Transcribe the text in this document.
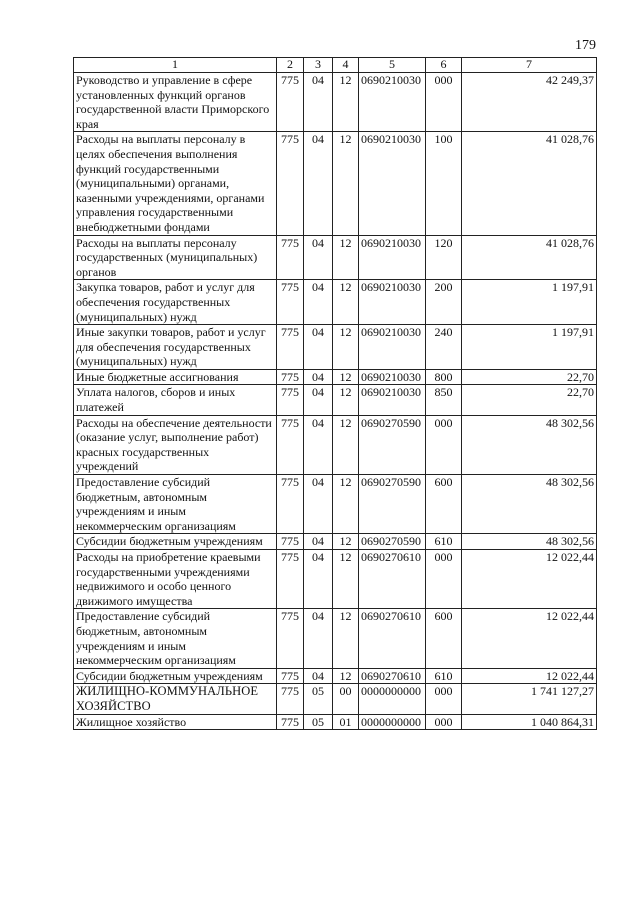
179
1	2	3	4	5	6	7
Руководство и управление в сфере установленных функций органов государственной власти Приморского края	775	04	12	0690210030	000	42 249,37
Расходы на выплаты персоналу в целях обеспечения выполнения функций государственными (муниципальными) органами, казенными учреждениями, органами управления государственными внебюджетными фондами	775	04	12	0690210030	100	41 028,76
Расходы на выплаты персоналу государственных (муниципальных) органов	775	04	12	0690210030	120	41 028,76
Закупка товаров, работ и услуг для обеспечения государственных (муниципальных) нужд	775	04	12	0690210030	200	1 197,91
Иные закупки товаров, работ и услуг для обеспечения государственных (муниципальных) нужд	775	04	12	0690210030	240	1 197,91
Иные бюджетные ассигнования	775	04	12	0690210030	800	22,70
Уплата налогов, сборов и иных платежей	775	04	12	0690210030	850	22,70
Расходы на обеспечение деятельности (оказание услуг, выполнение работ) красных государственных учреждений	775	04	12	0690270590	000	48 302,56
Предоставление субсидий бюджетным, автономным учреждениям и иным некоммерческим организациям	775	04	12	0690270590	600	48 302,56
Субсидии бюджетным учреждениям	775	04	12	0690270590	610	48 302,56
Расходы на приобретение краевыми государственными учреждениями недвижимого и особо ценного движимого имущества	775	04	12	0690270610	000	12 022,44
Предоставление субсидий бюджетным, автономным учреждениям и иным некоммерческим организациям	775	04	12	0690270610	600	12 022,44
Субсидии бюджетным учреждениям	775	04	12	0690270610	610	12 022,44
ЖИЛИЩНО-КОММУНАЛЬНОЕ ХОЗЯЙСТВО	775	05	00	0000000000	000	1 741 127,27
Жилищное хозяйство	775	05	01	0000000000	000	1 040 864,31
